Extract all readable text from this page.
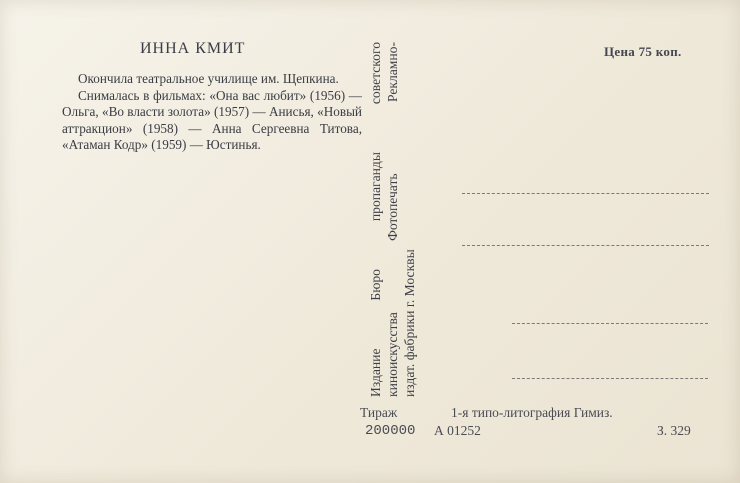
ИННА КМИТ

Окончила театральное училище им. Щепкина.

Снималась в фильмах: «Она вас любит» (1956) — Ольга, «Во власти золота» (1957) — Анисья, «Новый аттракцион» (1958) — Анна Сергеевна Титова, «Атаман Кодр» (1959) — Юстинья.	Издание Бюро пропаганды советского киноискусства Фотопечать Рекламно- издат. фабрики г. Москвы
Цена 75 коп.
Тираж
200000
1-я типо-литография Гимиз.
А 01252	З. 329
